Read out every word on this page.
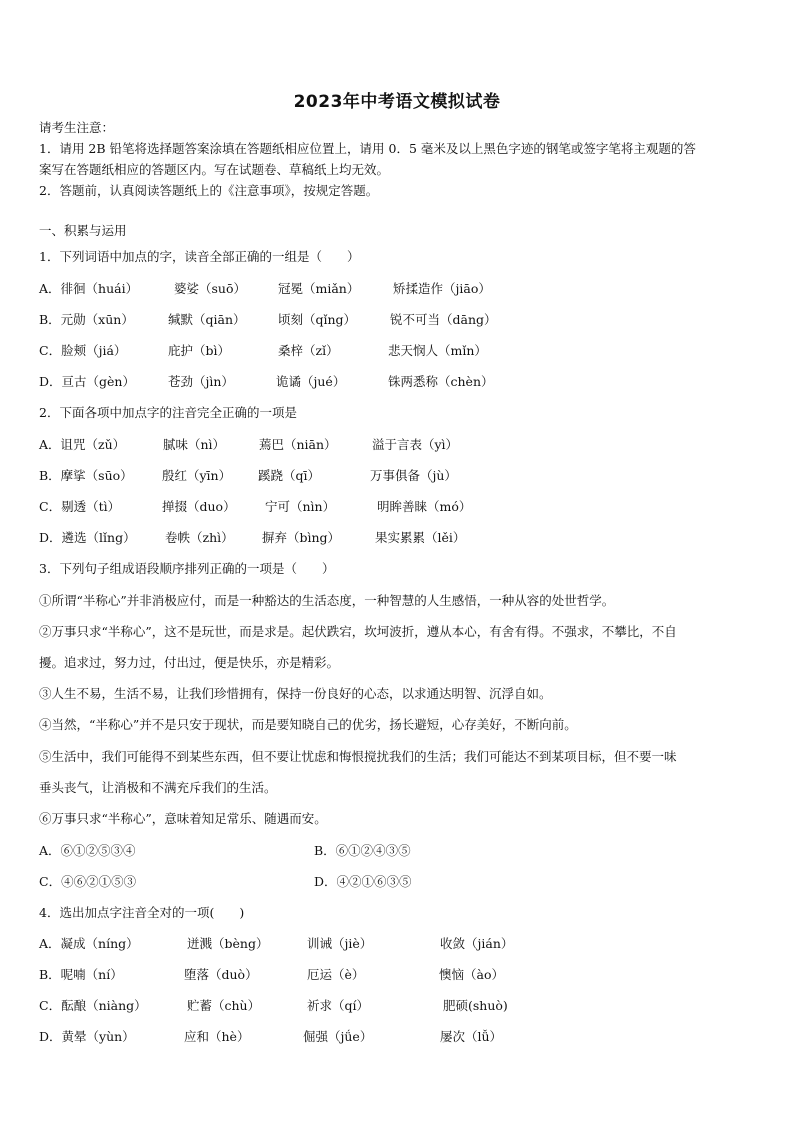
2023年中考语文模拟试卷
请考生注意：
1．请用 2B 铅笔将选择题答案涂填在答题纸相应位置上，请用 0．5 毫米及以上黑色字迹的钢笔或签字笔将主观题的答
案写在答题纸相应的答题区内。写在试题卷、草稿纸上均无效。
2．答题前，认真阅读答题纸上的《注意事项》，按规定答题。
一、积累与运用
1．下列词语中加点的字，读音全部正确的一组是（　　）
A．徘徊（huái）	婆娑（suō）	冠冕（miǎn）	矫揉造作（jiāo）
B．元勋（xūn）	缄默（qiān）	顷刻（qǐng）	锐不可当（dāng）
C．脸颊（jiá）	庇护（bì）	桑梓（zǐ）	悲天悯人（mǐn）
D．亘古（gèn）	苍劲（jìn）	诡谲（jué）	铢两悉称（chèn）
2．下面各项中加点字的注音完全正确的一项是
A．诅咒（zǔ）	腻味（nì）	蔫巴（niān）	溢于言表（yì）
B．摩挲（sūo） 殷红（yīn） 蹊跷（qī）	万事俱备（jù）
C．剔透（tì）	掸掇（duo） 宁可（nìn）	明眸善睐（mó）
D．遴选（lǐng） 卷帙（zhì） 摒弃（bìng）	果实累累（lěi）
3．下列句子组成语段顺序排列正确的一项是（　　）
①所谓“半称心”并非消极应付，而是一种豁达的生活态度，一种智慧的人生感悟，一种从容的处世哲学。
②万事只求“半称心”，这不是玩世，而是求是。起伏跌宕，坎坷波折，遵从本心，有舍有得。不强求，不攀比，不自
擾。追求过，努力过，付出过，便是快乐，亦是精彩。
③人生不易，生活不易，让我们珍惜拥有，保持一份良好的心态，以求通达明智、沉浮自如。
④当然，“半称心”并不是只安于现状，而是要知晓自己的优劣，扬长避短，心存美好，不断向前。
⑤生活中，我们可能得不到某些东西，但不要让忧虑和悔恨搅扰我们的生活；我们可能达不到某项目标，但不要一味
垂头丧气，让消极和不满充斥我们的生活。
⑥万事只求“半称心”，意味着知足常乐、随遇而安。
A．⑥①②⑤③④	B．⑥①②④③⑤
C．④⑥②①⑤③	D．④②①⑥③⑤
4．选出加点字注音全对的一项(　　)
A．凝成（níng）	迸溅（bèng）	训诫（jiè）	收敛（jián）
B．呢喃（ní）	堕落（duò）	厄运（è）	懊恼（ào）
C．酝酿（niàng）	贮蓄（chù）	祈求（qí）	肥硕(shuò)
D．黄晕（yùn）	应和（hè）	倔强（jǘe）	屡次（lǚ）
